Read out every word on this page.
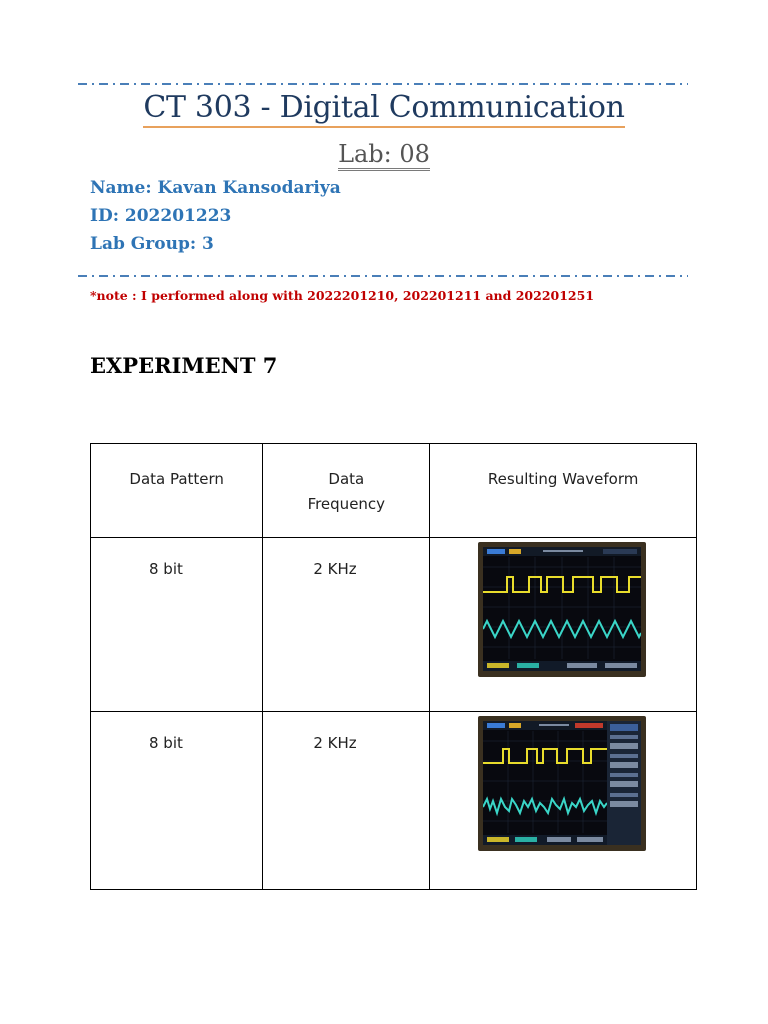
CT 303 - Digital Communication
Lab: 08
Name: Kavan Kansodariya
ID: 202201223
Lab Group: 3
*note : I performed along with 2022201210, 202201211 and 202201251
EXPERIMENT 7
Data Pattern	Data Frequency	Resulting Waveform

8 bit	2 KHz

8 bit	2 KHz
